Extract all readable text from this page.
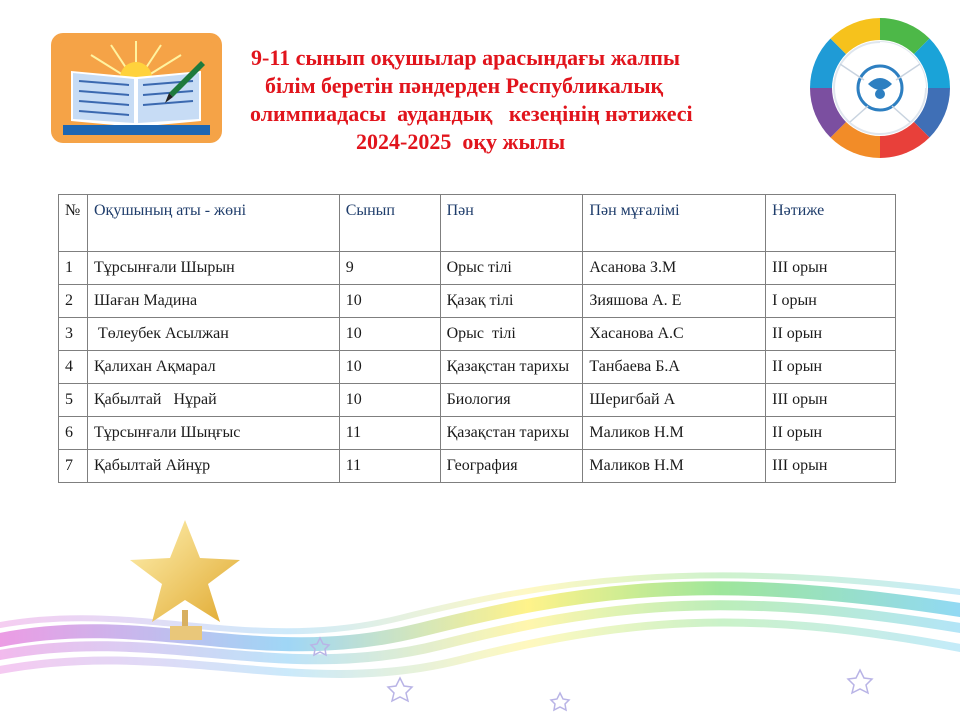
9-11 сынып оқушылар арасындағы жалпы
білім беретін пәндерден Республикалық
олимпиадасы  аудандық   кезеңінің нәтижесі
2024-2025  оқу жылы
№	Оқушының аты - жөні	Сынып	Пән	Пән мұғалімі	Нәтиже
1	Тұрсынғали Шырын	9	Орыс тілі	Асанова З.М	ІІІ орын
2	Шаған Мадина	10	Қазақ тілі	Зияшова А. Е	І орын
3	Төлеубек Асылжан	10	Орыс  тілі	Хасанова А.С	ІІ орын
4	Қалихан Ақмарал	10	Қазақстан тарихы	Танбаева Б.А	ІІ орын
5	Қабылтай   Нұрай	10	Биология	Шеригбай А	ІІІ орын
6	Тұрсынғали Шыңғыс	11	Қазақстан тарихы	Маликов Н.М	ІІ орын
7	Қабылтай Айнұр	11	География	Маликов Н.М	ІІІ орын
